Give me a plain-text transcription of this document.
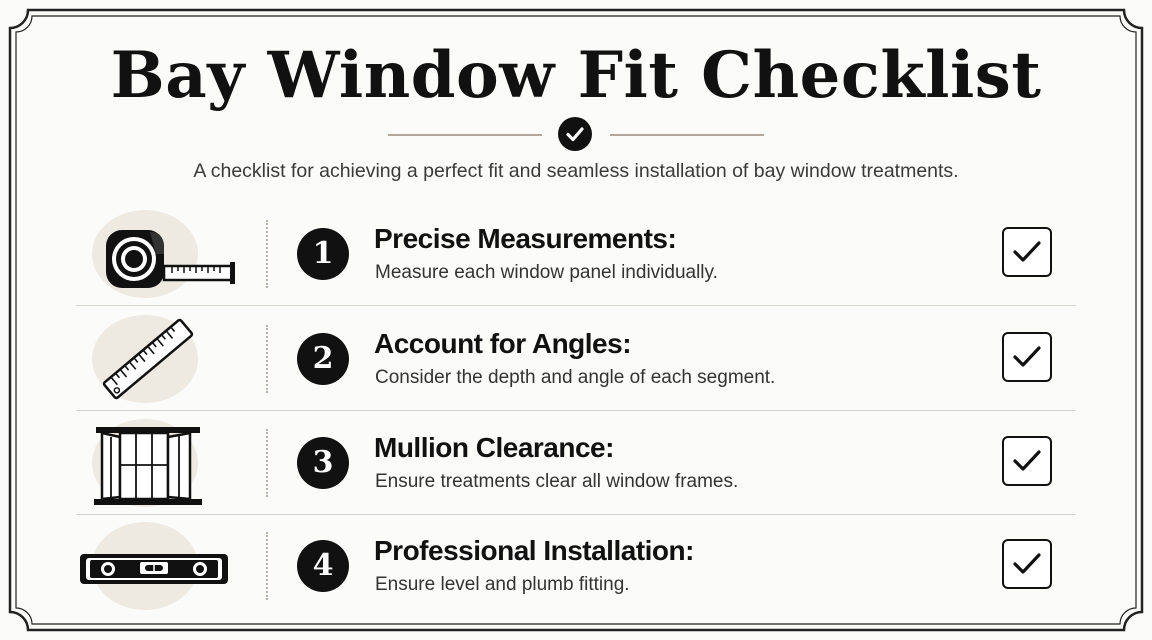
Bay Window Fit Checklist
A checklist for achieving a perfect fit and seamless installation of bay window treatments.
1	Precise Measurements:
Measure each window panel individually.
2	Account for Angles:
Consider the depth and angle of each segment.
3	Mullion Clearance:
Ensure treatments clear all window frames.
4	Professional Installation:
Ensure level and plumb fitting.
